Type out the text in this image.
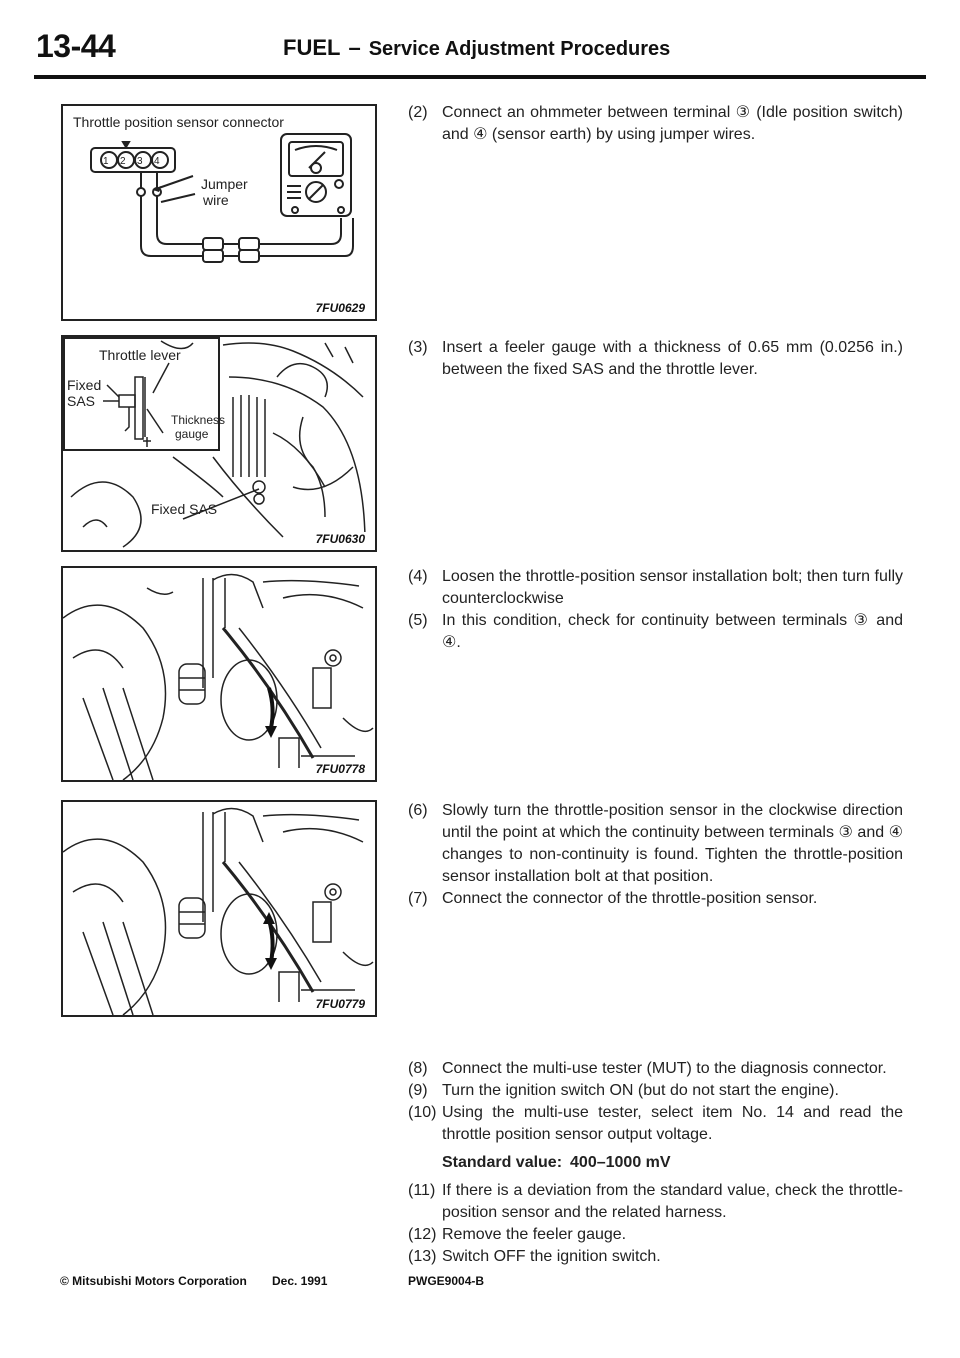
13-44	FUEL – Service Adjustment Procedures
1 2 3 4
Throttle position sensor connector
Jumper
wire
7FU0629
Throttle lever
Fixed
SAS
Thickness
gauge
Fixed SAS
7FU0630
7FU0778
7FU0779
(2) Connect an ohmmeter between terminal ③ (Idle position switch) and ④ (sensor earth) by using jumper wires.
(3) Insert a feeler gauge with a thickness of 0.65 mm (0.0256 in.) between the fixed SAS and the throttle lever.
(4) Loosen the throttle-position sensor installation bolt; then turn fully counterclockwise
(5) In this condition, check for continuity between terminals ③ and ④.
(6) Slowly turn the throttle-position sensor in the clockwise direction until the point at which the continuity between terminals ③ and ④ changes to non-continuity is found. Tighten the throttle-position sensor installation bolt at that position.
(7) Connect the connector of the throttle-position sensor.
(8) Connect the multi-use tester (MUT) to the diagnosis connector.
(9) Turn the ignition switch ON (but do not start the engine).
(10) Using the multi-use tester, select item No. 14 and read the throttle position sensor output voltage.
Standard value: 400–1000 mV
(11) If there is a deviation from the standard value, check the throttle-position sensor and the related harness.
(12) Remove the feeler gauge.
(13) Switch OFF the ignition switch.
© Mitsubishi Motors Corporation Dec. 1991	PWGE9004-B
